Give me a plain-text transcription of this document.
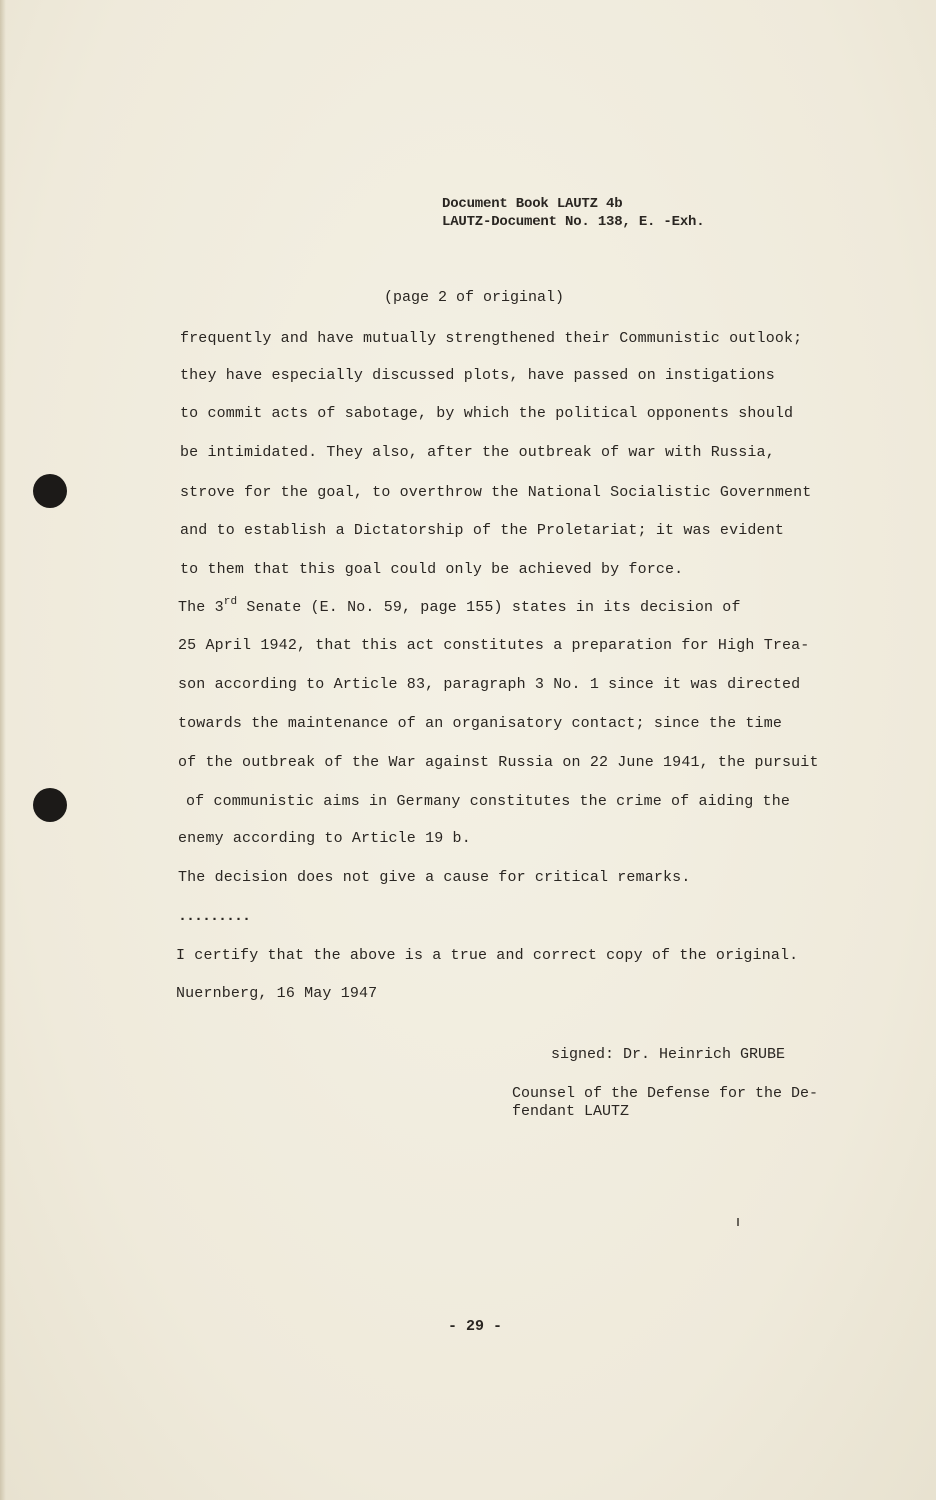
Document Book LAUTZ 4b
LAUTZ-Document No. 138, E. -Exh.
(page 2 of original)
frequently and have mutually strengthened their Communistic outlook;
they have especially discussed plots, have passed on instigations
to commit acts of sabotage, by which the political opponents should
be intimidated. They also, after the outbreak of war with Russia,
strove for the goal, to overthrow the National Socialistic Government
and to establish a Dictatorship of the Proletariat; it was evident
to them that this goal could only be achieved by force.
The 3rd Senate (E. No. 59, page 155) states in its decision of
25 April 1942, that this act constitutes a preparation for High Trea-
son according to Article 83, paragraph 3 No. 1 since it was directed
towards the maintenance of an organisatory contact; since the time
of the outbreak of the War against Russia on 22 June 1941, the pursuit
of communistic aims in Germany constitutes the crime of aiding the
enemy according to Article 19 b.
The decision does not give a cause for critical remarks.
.........
I certify that the above is a true and correct copy of the original.
Nuernberg, 16 May 1947
signed: Dr. Heinrich GRUBE
Counsel of the Defense for the De-
fendant LAUTZ
- 29 -
